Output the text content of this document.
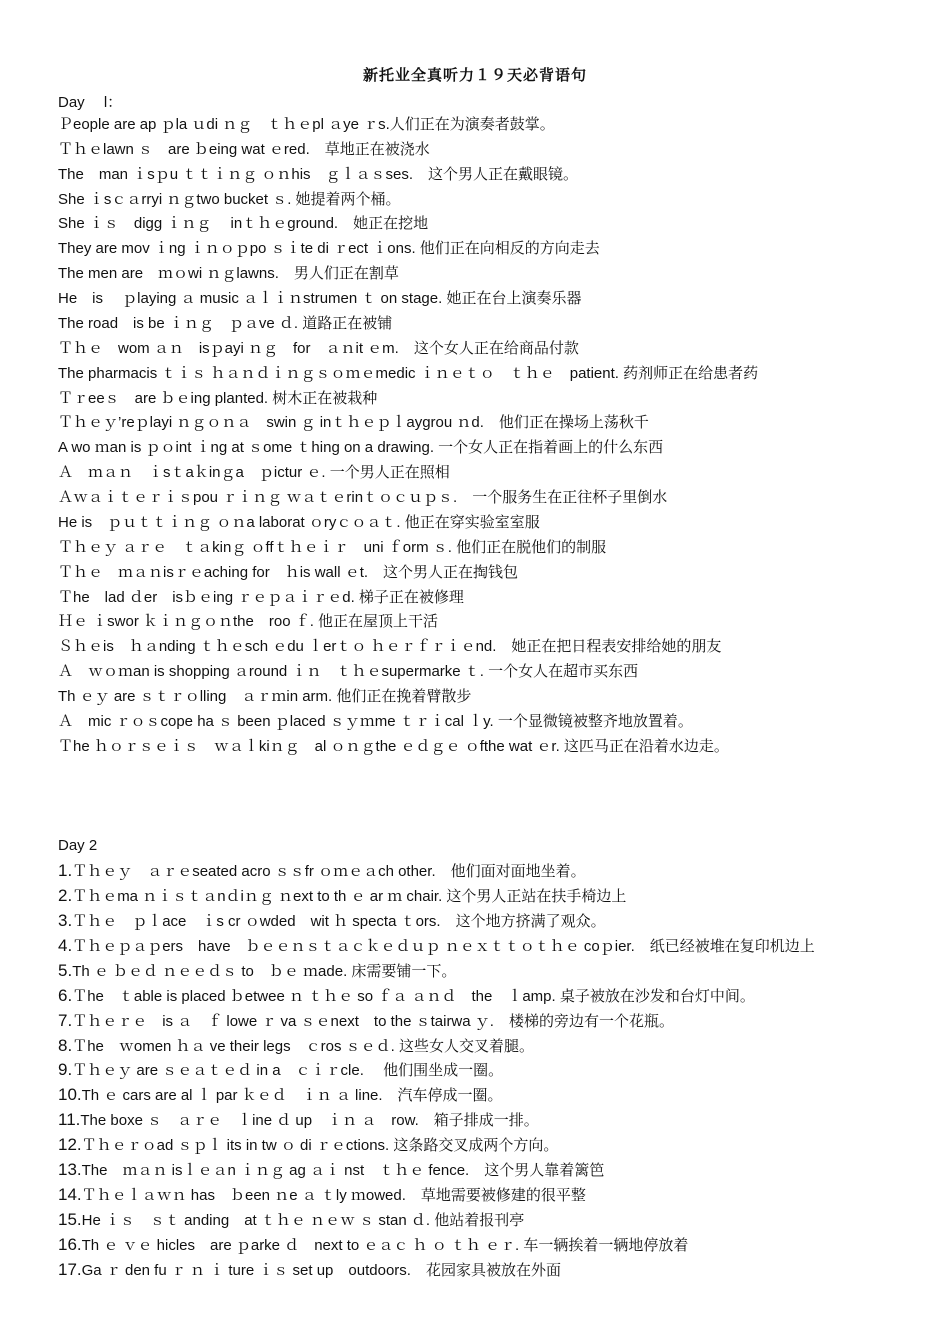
新托业全真听力１９天必背语句
Day　 l：
Ｐeople are ap ｐla ｕdi ｎｇ　ｔｈｅpl ａye ｒs.人们正在为演奏者鼓掌。
Ｔｈｅlawn ｓ　are ｂeing wat ｅred.　草地正在被浇水
The　man ｉsｐu ｔｔｉｎｇ ｏｎhis　ｇｌａｓses.　这个男人正在戴眼镜。
She ｉsｃａrryi ｎｇtwo bucket ｓ. 她提着两个桶。
She ｉｓ　digg ｉｎｇ　 inｔｈｅground.　她正在挖地
They are mov ｉng ｉｎｏｐpo ｓｉte di ｒect ｉons. 他们正在向相反的方向走去
The men are　ｍｏwi ｎｇlawns.　男人们正在割草
He　is　 ｐlaying ａ music ａｌｉｎstrumen ｔ on stage. 她正在台上演奏乐器
The road　is be ｉｎｇ　ｐａve ｄ. 道路正在被铺
Ｔｈｅ　wom ａｎ　isｐayi ｎｇ　for　ａｎit ｅm.　这个女人正在给商品付款
The pharmacis ｔｉｓ ｈａｎｄｉｎｇｓｏｍｅmedic ｉｎｅｔｏ　ｔｈｅ　patient. 药剂师正在给患者药
Ｔｒeeｓ　are ｂｅing planted. 树木正在被栽种
Ｔｈｅｙ’reｐlayi ｎｇｏｎａ　swin ｇ inｔｈｅｐｌaygrou ｎd.　他们正在操场上荡秋千
A wo ｍan is ｐｏint ｉng at ｓome ｔhing on a drawing. 一个女人正在指着画上的什么东西
Ａ　ｍａｎ　ｉsｔaｋinｇa　ｐictur ｅ. 一个男人正在照相
Ａｗａｉｔｅｒｉｓpou ｒｉｎｇ ｗａｔｅrinｔｏｃｕｐｓ.　一个服务生在正往杯子里倒水
He is　ｐｕｔｔｉｎｇ ｏｎa laborat ｏryｃｏａｔ. 他正在穿实验室室服
Ｔｈｅｙ ａｒｅ　ｔａkinｇ ｏffｔｈｅｉｒ　uni ｆorm ｓ. 他们正在脱他们的制服
Ｔｈｅ　ｍａｎisｒｅaching for　ｈis wall ｅt.　这个男人正在掏钱包
Ｔhe　lad ｄer　isｂｅing ｒｅｐａｉｒｅd. 梯子正在被修理
Ｈｅ ｉswor ｋｉｎｇｏｎthe　roo ｆ. 他正在屋顶上干活
Ｓｈｅis　ｈａnding ｔｈｅsch ｅdu ｌerｔｏ ｈｅｒｆｒｉｅnd.　她正在把日程表安排给她的朋友
Ａ　ｗｏｍan is shopping ａround ｉｎ　ｔｈｅsupermarke ｔ. 一个女人在超市买东西
Th ｅｙ are ｓｔｒｏlling　ａｒｍin arm. 他们正在挽着臂散步
Ａ　mic ｒｏｓcope ha ｓ been ｐlaced ｓｙｍme ｔｒｉcal ｌy. 一个显微镜被整齐地放置着。
Ｔhe ｈｏｒｓｅｉｓ　ｗａｌkiｎｇ　al ｏｎｇthe ｅｄｇｅ ｏfthe wat ｅr. 这匹马正在沿着水边走。
Day 2
1.Ｔｈｅｙ　ａｒｅseated acro ｓｓfr ｏｍｅａch other.　他们面对面地坐着。
2.Ｔｈｅma ｎｉｓｔａnｄiｎｇ ｎext to th ｅ ar ｍ chair. 这个男人正站在扶手椅边上
3.Ｔｈｅ　ｐｌace　ｉs cr ｏwded　wit ｈ specta ｔors.　这个地方挤满了观众。
4.Ｔｈｅｐａｐers　have　ｂｅｅｎｓｔａｃｋｅｄｕｐ ｎｅｘｔｔｏｔｈｅ coｐier.　纸已经被堆在复印机边上
5.Th ｅ ｂｅｄ ｎｅｅｄｓ to　ｂｅ ｍade. 床需要铺一下。
6.Ｔhe　ｔable is placed ｂetwee ｎ ｔｈｅ so ｆａ ａｎｄ　the　ｌamp. 桌子被放在沙发和台灯中间。
7.Ｔｈｅｒｅ　is ａ　ｆ lowe ｒ va ｓｅnext　to the ｓtairwa ｙ.　楼梯的旁边有一个花瓶。
8.Ｔhe　ｗomen ｈａ ve their legs　ｃros ｓｅｄ. 这些女人交叉着腿。
9.Ｔｈｅｙ are ｓｅａｔｅｄ in a　ｃｉｒcle.　 他们围坐成一圈。
10.Th ｅ cars are al ｌ par ｋｅｄ　ｉｎ ａ line.　汽车停成一圈。
11.The boxe ｓ　ａｒｅ　ｌine ｄ up　ｉｎ ａ　row.　箱子排成一排。
12.Ｔｈｅｒｏad ｓｐｌ its in tw ｏ di ｒｅctions. 这条路交叉成两个方向。
13.The　ｍａｎ isｌｅａn ｉｎｇ ag ａｉ nst　ｔｈｅ fence.　这个男人靠着篱笆
14.Ｔｈｅｌａｗｎ has　ｂeen ｎe ａ ｔly ｍowed.　草地需要被修建的很平整
15.He ｉｓ　ｓｔ anding　at ｔｈｅ ｎｅｗ ｓ stan ｄ. 他站着报刊亭
16.Th ｅ ｖｅ hicles　are ｐarke ｄ　next to ｅａｃ ｈ ｏ ｔｈ ｅｒ. 车一辆挨着一辆地停放着
17.Ga ｒ den fu ｒ ｎ ｉ ture ｉｓ set up　outdoors.　花园家具被放在外面
